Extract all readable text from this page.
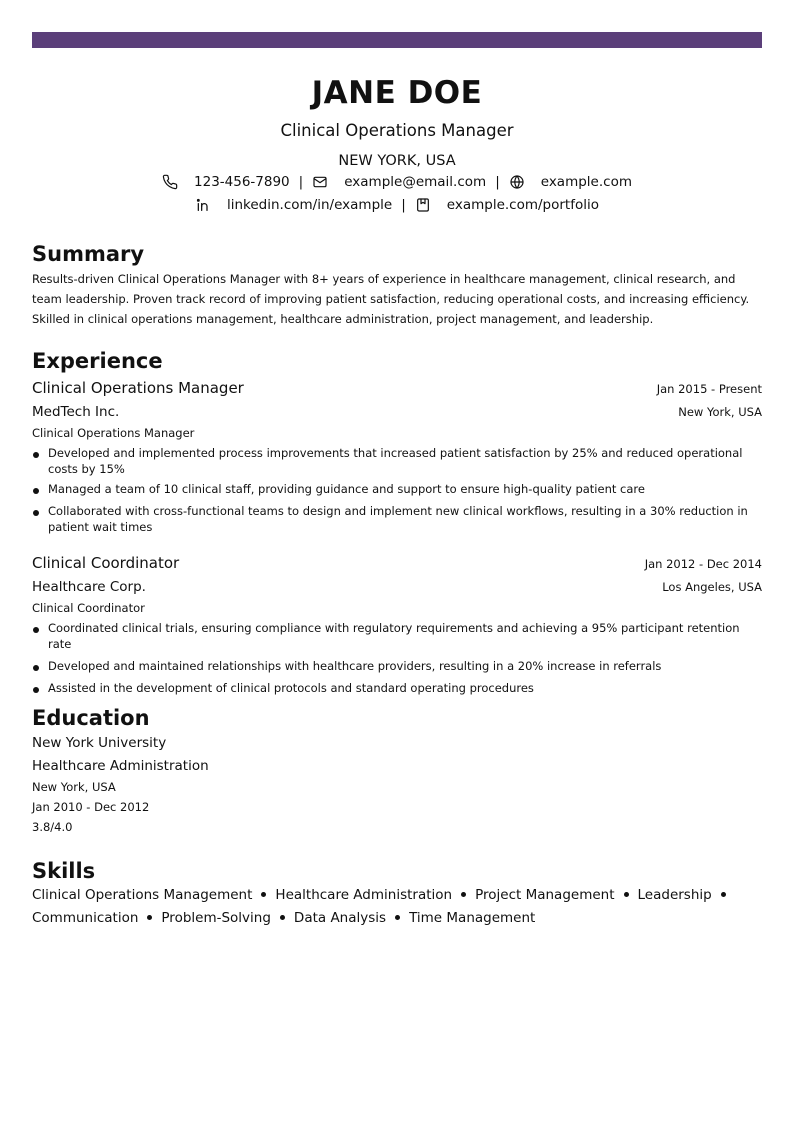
JANE DOE
Clinical Operations Manager
NEW YORK, USA
123-456-7890 |	example@email.com |	example.com
linkedin.com/in/example |	example.com/portfolio
Summary
Results-driven Clinical Operations Manager with 8+ years of experience in healthcare management, clinical research, and team leadership. Proven track record of improving patient satisfaction, reducing operational costs, and increasing efficiency. Skilled in clinical operations management, healthcare administration, project management, and leadership.
Experience
Clinical Operations Manager	Jan 2015 - Present
MedTech Inc.	New York, USA
Clinical Operations Manager
Developed and implemented process improvements that increased patient satisfaction by 25% and reduced operational costs by 15%
Managed a team of 10 clinical staff, providing guidance and support to ensure high-quality patient care
Collaborated with cross-functional teams to design and implement new clinical workflows, resulting in a 30% reduction in patient wait times
Clinical Coordinator	Jan 2012 - Dec 2014
Healthcare Corp.	Los Angeles, USA
Clinical Coordinator
Coordinated clinical trials, ensuring compliance with regulatory requirements and achieving a 95% participant retention rate
Developed and maintained relationships with healthcare providers, resulting in a 20% increase in referrals
Assisted in the development of clinical protocols and standard operating procedures
Education
New York University
Healthcare Administration
New York, USA
Jan 2010 - Dec 2012
3.8/4.0
Skills
Clinical Operations Management Healthcare Administration Project Management Leadership
Communication Problem-Solving Data Analysis Time Management
